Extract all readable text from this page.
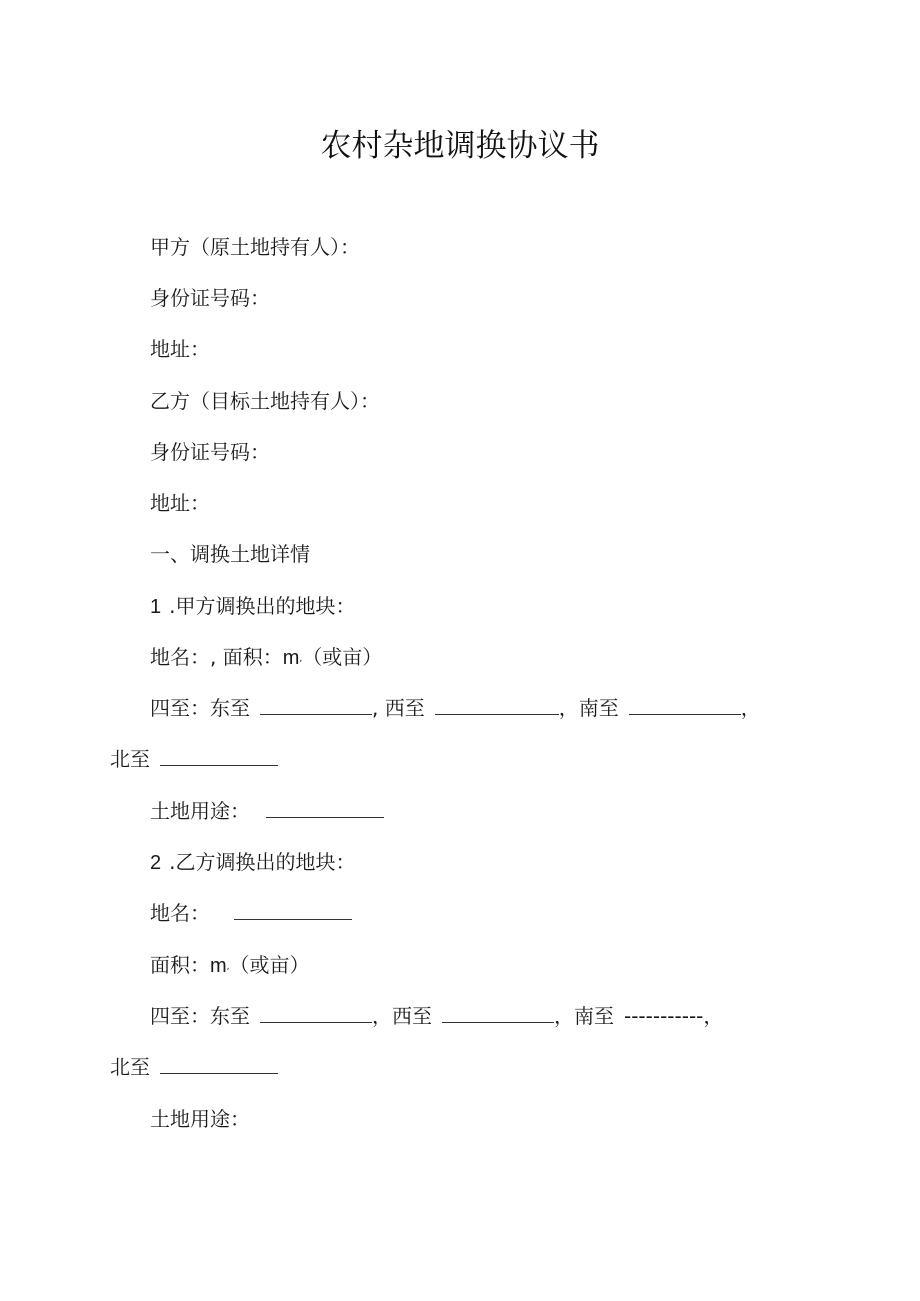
农村杂地调换协议书
甲方（原土地持有人）：
身份证号码：
地址：
乙方（目标土地持有人）：
身份证号码：
地址：
一、调换土地详情
1 .甲方调换出的地块：
地名：, 面积：m,（或亩）
四至：东至	, 西至	，南至	，
北至
土地用途：
2 .乙方调换出的地块：
地名：
面积：m,（或亩）
四至：东至	，西至	，南至 -----------，
北至
土地用途：
